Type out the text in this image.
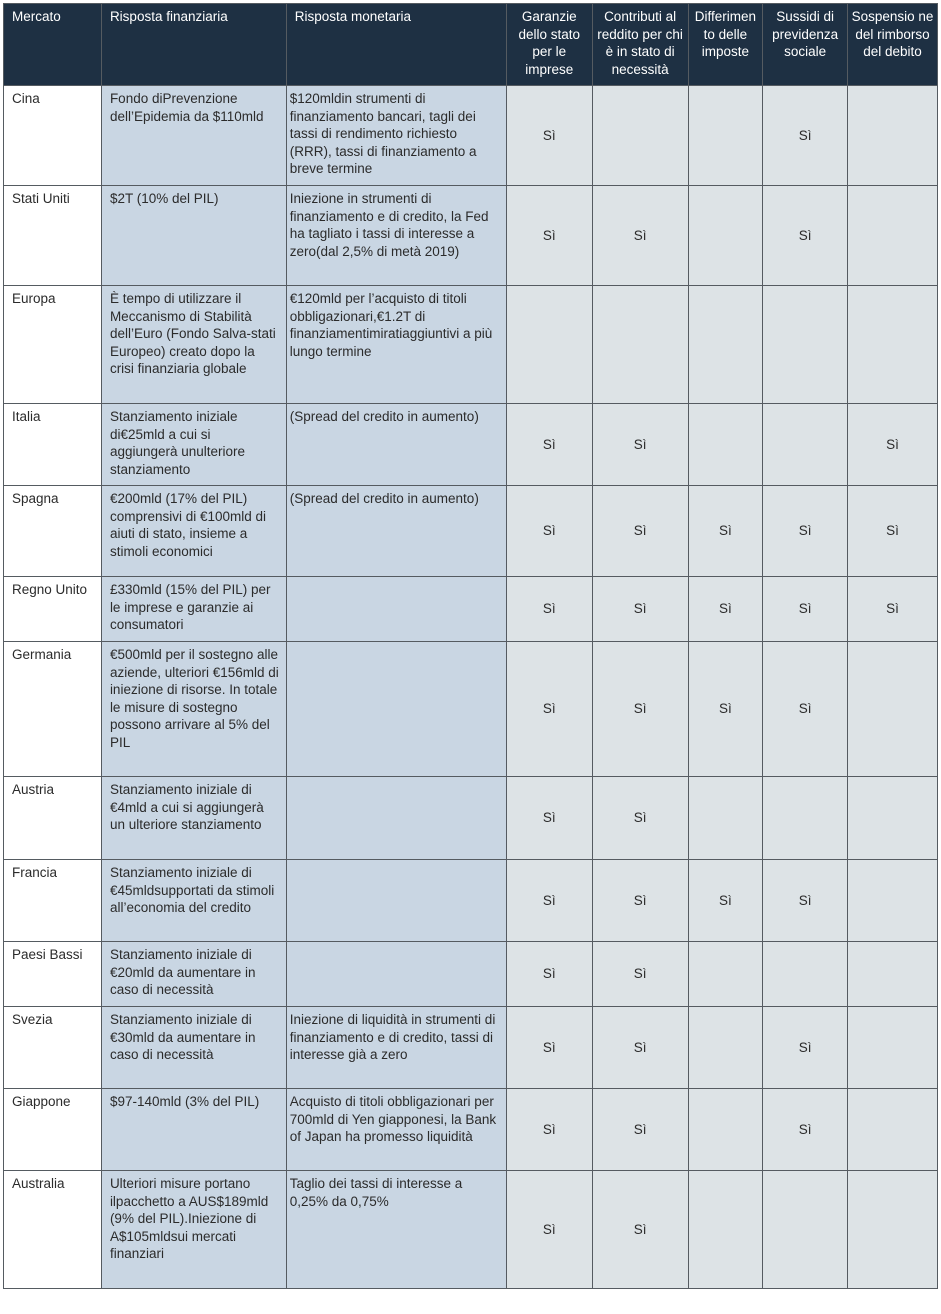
Mercato	Risposta finanziaria	Risposta monetaria	Garanzie dello stato per le imprese	Contributi al reddito per chi è in stato di necessità	Differimen to delle imposte	Sussidi di previdenza sociale	Sospensio ne del rimborso del debito
Cina	Fondo diPrevenzione dell’Epidemia da $110mld	$120mldin strumenti di finanziamento bancari, tagli dei tassi di rendimento richiesto (RRR), tassi di finanziamento a breve termine	Sì			Sì	
Stati Uniti	$2T (10% del PIL)	Iniezione in strumenti di finanziamento e di credito, la Fed ha tagliato i tassi di interesse a zero(dal 2,5% di metà 2019)	Sì	Sì		Sì	
Europa	È tempo di utilizzare il Meccanismo di Stabilità dell’Euro (Fondo Salva-stati Europeo) creato dopo la crisi finanziaria globale	€120mld per l’acquisto di titoli obbligazionari,€1.2T di finanziamentimiratiaggiuntivi a più lungo termine					
Italia	Stanziamento iniziale di€25mld a cui si aggiungerà unulteriore stanziamento	(Spread del credito in aumento)	Sì	Sì			Sì
Spagna	€200mld (17% del PIL) comprensivi di €100mld di aiuti di stato, insieme a stimoli economici	(Spread del credito in aumento)	Sì	Sì	Sì	Sì	Sì
Regno Unito	£330mld (15% del PIL) per le imprese e garanzie ai consumatori		Sì	Sì	Sì	Sì	Sì
Germania	€500mld per il sostegno alle aziende, ulteriori €156mld di iniezione di risorse. In totale le misure di sostegno possono arrivare al 5% del PIL		Sì	Sì	Sì	Sì	
Austria	Stanziamento iniziale di €4mld a cui si aggiungerà un ulteriore stanziamento		Sì	Sì			
Francia	Stanziamento iniziale di €45mldsupportati da stimoli all’economia del credito		Sì	Sì	Sì	Sì	
Paesi Bassi	Stanziamento iniziale di €20mld da aumentare in caso di necessità		Sì	Sì			
Svezia	Stanziamento iniziale di €30mld da aumentare in caso di necessità	Iniezione di liquidità in strumenti di finanziamento e di credito, tassi di interesse già a zero	Sì	Sì		Sì	
Giappone	$97-140mld (3% del PIL)	Acquisto di titoli obbligazionari per 700mld di Yen giapponesi, la Bank of Japan ha promesso liquidità	Sì	Sì		Sì	
Australia	Ulteriori misure portano ilpacchetto a AUS$189mld (9% del PIL).Iniezione di A$105mldsui mercati finanziari	Taglio dei tassi di interesse a 0,25% da 0,75%	Sì	Sì			
